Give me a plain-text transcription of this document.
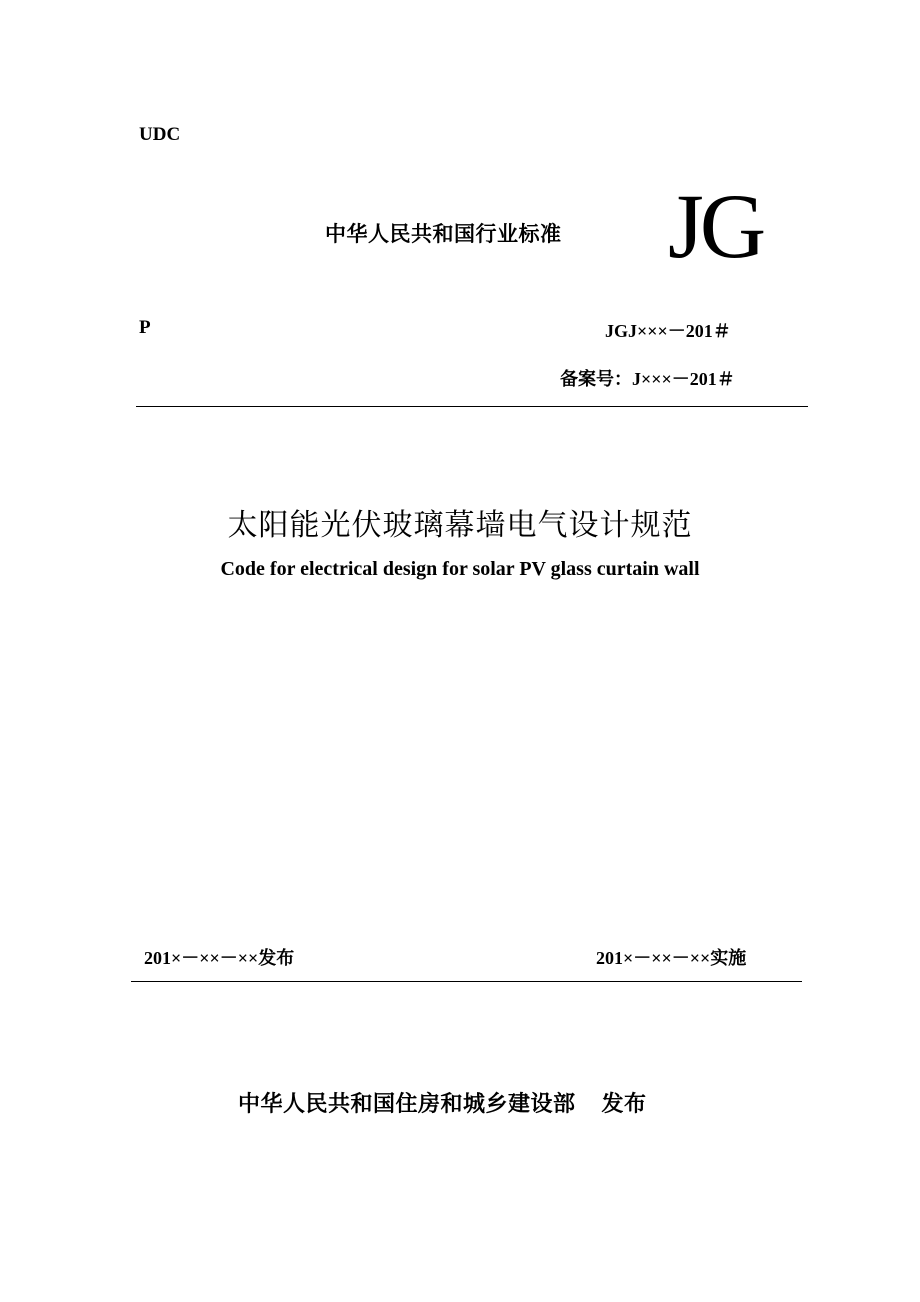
UDC
中华人民共和国行业标准 JG
P	JGJ×××－201＃
备案号：J×××－201＃
太阳能光伏玻璃幕墙电气设计规范
Code for electrical design for solar PV glass curtain wall
201×－××－××发布	201×－××－××实施
中华人民共和国住房和城乡建设部 发布
